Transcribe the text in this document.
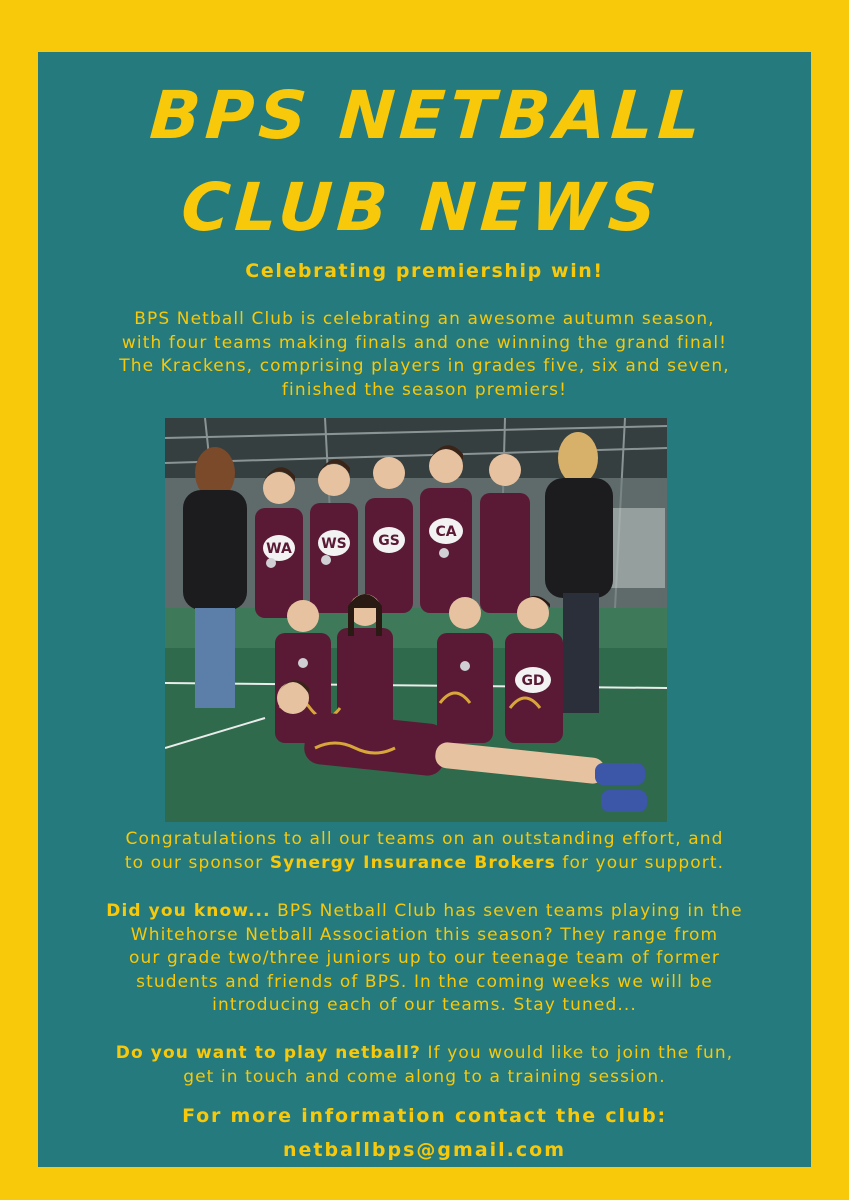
BPS NETBALL
CLUB NEWS
Celebrating premiership win!
BPS Netball Club is celebrating an awesome autumn season,
with four teams making finals and one winning the grand final!
The Krackens, comprising players in grades five, six and seven,
finished the season premiers!
WA WS GS
CA
GD
Congratulations to all our teams on an outstanding effort, and
to our sponsor Synergy Insurance Brokers for your support.
Did you know... BPS Netball Club has seven teams playing in the
Whitehorse Netball Association this season? They range from
our grade two/three juniors up to our teenage team of former
students and friends of BPS. In the coming weeks we will be
introducing each of our teams. Stay tuned...
Do you want to play netball? If you would like to join the fun,
get in touch and come along to a training session.
For more information contact the club:
netballbps@gmail.com
